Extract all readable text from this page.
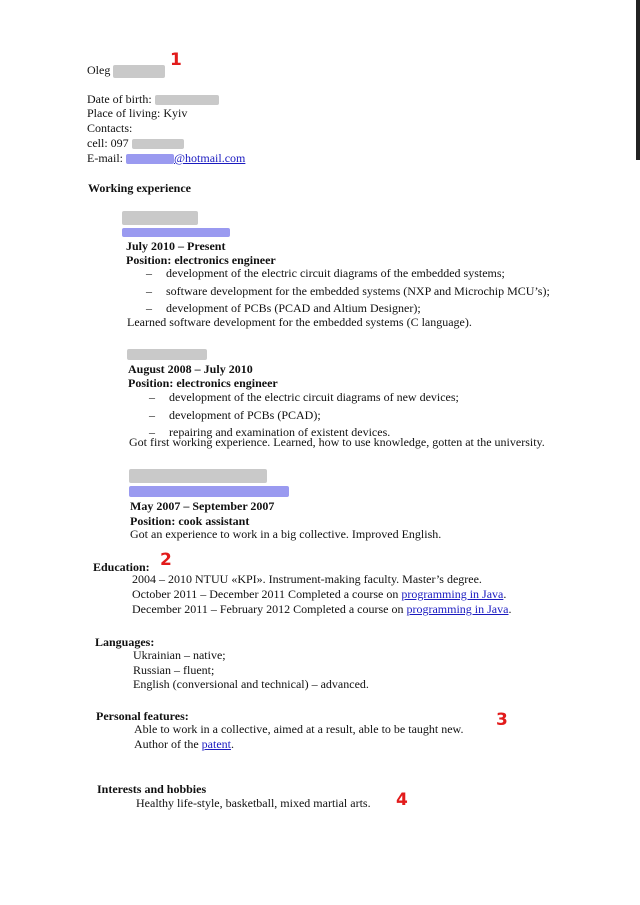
Oleg	1
Date of birth:
Place of living: Kyiv
Contacts:
cell: 097
E-mail:	@hotmail.com
Working experience
July 2010 – Present
Position: electronics engineer
– development of the electric circuit diagrams of the embedded systems;
– software development for the embedded systems (NXP and Microchip MCU’s);
– development of PCBs (PCAD and Altium Designer);
Learned software development for the embedded systems (C language).
August 2008 – July 2010
Position: electronics engineer
– development of the electric circuit diagrams of new devices;
– development of PCBs (PCAD);
– repairing and examination of existent devices.
Got first working experience. Learned, how to use knowledge, gotten at the university.
May 2007 – September 2007
Position: cook assistant
Got an experience to work in a big collective. Improved English.
Education: 2
2004 – 2010 NTUU «KPI». Instrument-making faculty. Master’s degree.
October 2011 – December 2011 Completed a course on programming in Java.
December 2011 – February 2012 Completed a course on programming in Java.
Languages:
Ukrainian – native;
Russian – fluent;
English (conversional and technical) – advanced.
Personal features:
Able to work in a collective, aimed at a result, able to be taught new. 3
Author of the patent.
Interests and hobbies
Healthy life-style, basketball, mixed martial arts. 4
